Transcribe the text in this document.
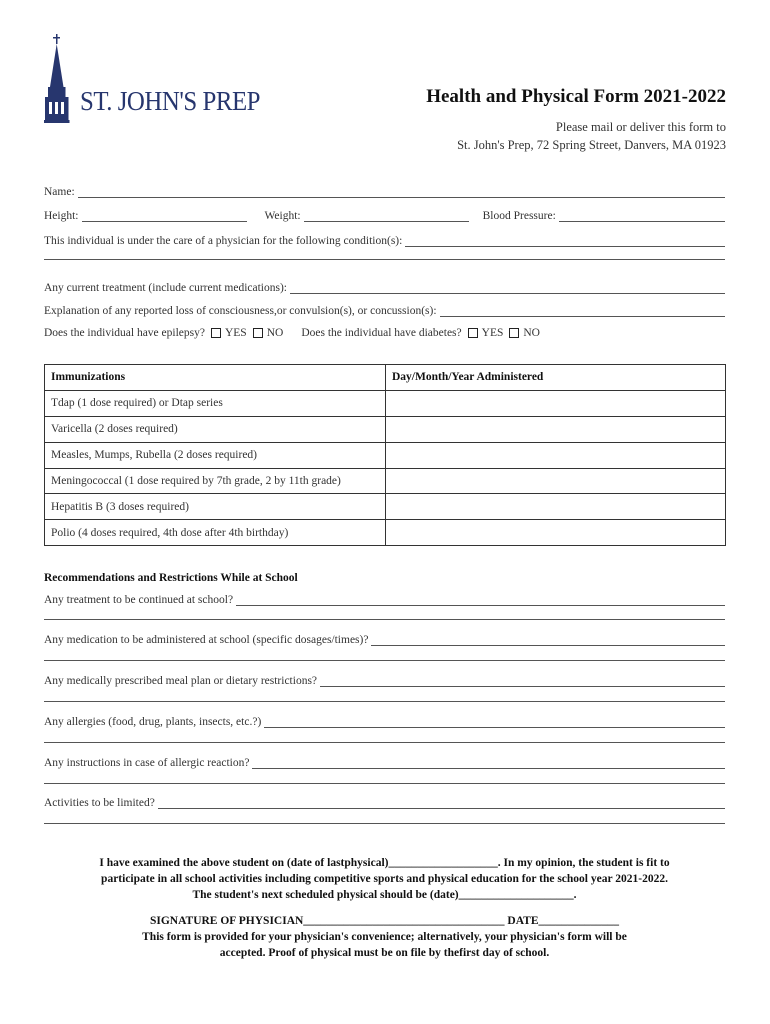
ST. JOHN'S PREP	Health and Physical Form 2021-2022
Please mail or deliver this form to
St. John's Prep, 72 Spring Street, Danvers, MA 01923
Name:
Height:	Weight:	Blood Pressure:
This individual is under the care of a physician for the following condition(s):
Any current treatment (include current medications):
Explanation of any reported loss of consciousness,or convulsion(s), or concussion(s):
Does the individual have epilepsy? YES NO Does the individual have diabetes? YES NO
Immunizations	Day/Month/Year Administered
Tdap (1 dose required) or Dtap series	
Varicella (2 doses required)	
Measles, Mumps, Rubella (2 doses required)	
Meningococcal (1 dose required by 7th grade, 2 by 11th grade)	
Hepatitis B (3 doses required)	
Polio (4 doses required, 4th dose after 4th birthday)	
Recommendations and Restrictions While at School
Any treatment to be continued at school?
Any medication to be administered at school (specific dosages/times)?
Any medically prescribed meal plan or dietary restrictions?
Any allergies (food, drug, plants, insects, etc.?)
Any instructions in case of allergic reaction?
Activities to be limited?
I have examined the above student on (date of lastphysical)___________________. In my opinion, the student is fit to
participate in all school activities including competitive sports and physical education for the school year 2021-2022.
The student's next scheduled physical should be (date)____________________.
SIGNATURE OF PHYSICIAN___________________________________ DATE______________
This form is provided for your physician's convenience; alternatively, your physician's form will be
accepted. Proof of physical must be on file by thefirst day of school.
